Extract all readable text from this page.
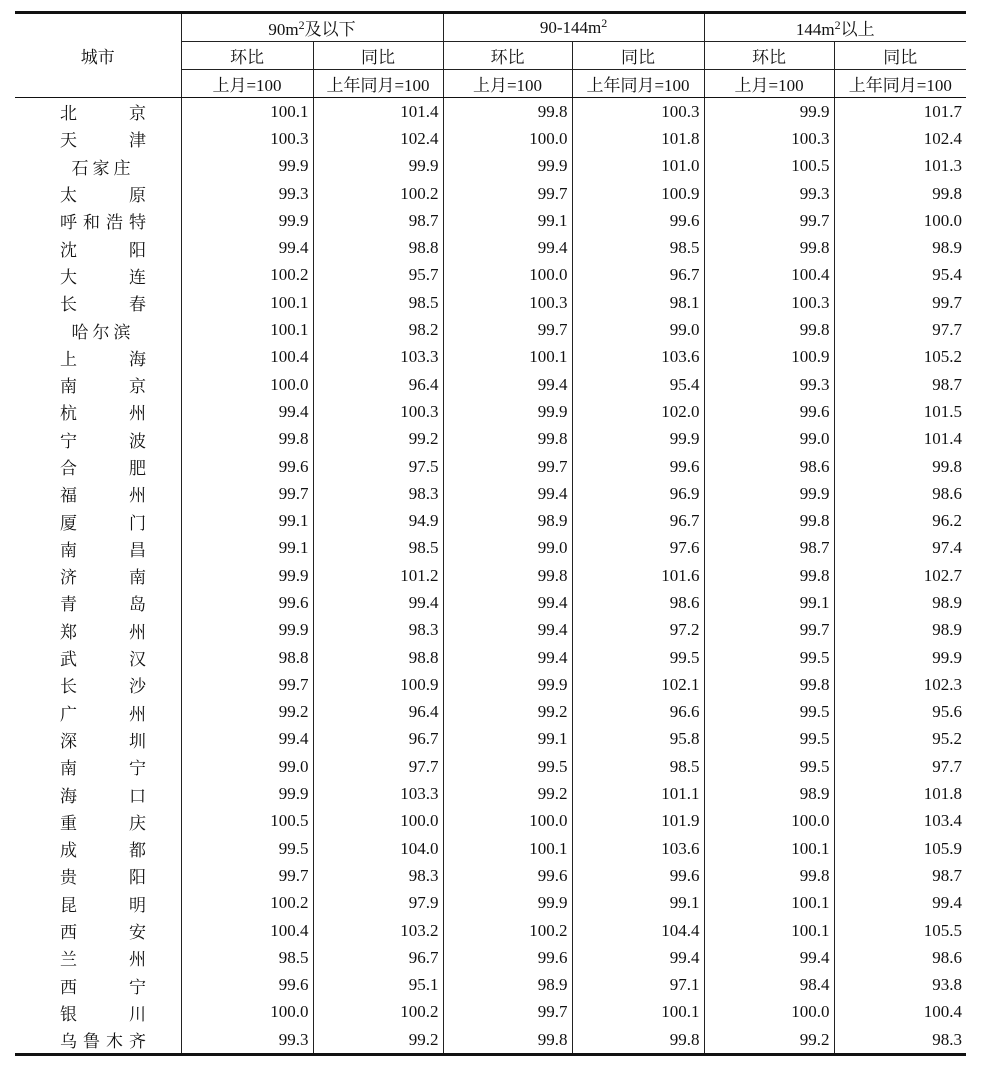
城市	$90m^2$及以下		$90-144m^2$		$144m^2$以上	
	环比	同比	环比	同比	环比	同比
	上月=100	上年同月=100	上月=100	上年同月=100	上月=100	上年同月=100

北京	100.1	101.4	99.8	100.3	99.9	101.7

天津	100.3	102.4	100.0	101.8	100.3	102.4

石家庄	99.9	99.9	99.9	101.0	100.5	101.3

太原	99.3	100.2	99.7	100.9	99.3	99.8

呼和浩特	99.9	98.7	99.1	99.6	99.7	100.0

沈阳	99.4	98.8	99.4	98.5	99.8	98.9

大连	100.2	95.7	100.0	96.7	100.4	95.4

长春	100.1	98.5	100.3	98.1	100.3	99.7

哈尔滨	100.1	98.2	99.7	99.0	99.8	97.7

上海	100.4	103.3	100.1	103.6	100.9	105.2

南京	100.0	96.4	99.4	95.4	99.3	98.7

杭州	99.4	100.3	99.9	102.0	99.6	101.5

宁波	99.8	99.2	99.8	99.9	99.0	101.4

合肥	99.6	97.5	99.7	99.6	98.6	99.8

福州	99.7	98.3	99.4	96.9	99.9	98.6

厦门	99.1	94.9	98.9	96.7	99.8	96.2

南昌	99.1	98.5	99.0	97.6	98.7	97.4

济南	99.9	101.2	99.8	101.6	99.8	102.7

青岛	99.6	99.4	99.4	98.6	99.1	98.9

郑州	99.9	98.3	99.4	97.2	99.7	98.9

武汉	98.8	98.8	99.4	99.5	99.5	99.9

长沙	99.7	100.9	99.9	102.1	99.8	102.3

广州	99.2	96.4	99.2	96.6	99.5	95.6

深圳	99.4	96.7	99.1	95.8	99.5	95.2

南宁	99.0	97.7	99.5	98.5	99.5	97.7

海口	99.9	103.3	99.2	101.1	98.9	101.8

重庆	100.5	100.0	100.0	101.9	100.0	103.4

成都	99.5	104.0	100.1	103.6	100.1	105.9

贵阳	99.7	98.3	99.6	99.6	99.8	98.7

昆明	100.2	97.9	99.9	99.1	100.1	99.4

西安	100.4	103.2	100.2	104.4	100.1	105.5

兰州	98.5	96.7	99.6	99.4	99.4	98.6

西宁	99.6	95.1	98.9	97.1	98.4	93.8

银川	100.0	100.2	99.7	100.1	100.0	100.4

乌鲁木齐	99.3	99.2	99.8	99.8	99.2	98.3
